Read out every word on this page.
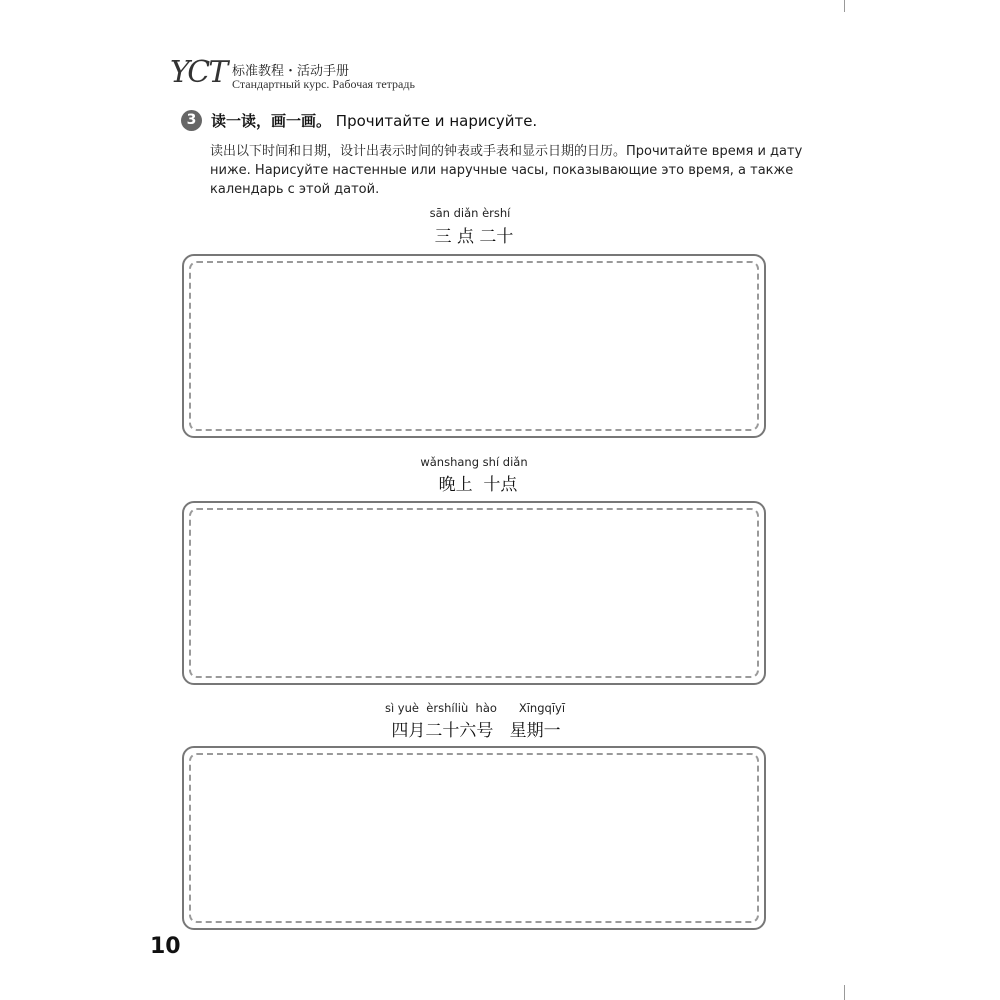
YCT 标准教程・活动手册
Стандартный курс. Рабочая тетрадь
3 读一读，画一画。 Прочитайте и нарисуйте.
读出以下时间和日期，设计出表示时间的钟表或手表和显示日期的日历。Прочитайте время и дату ниже. Нарисуйте настенные или наручные часы, показывающие это время, а также календарь с этой датой.
sān diǎn èrshí
三 点 二十
wǎnshang shí diǎn
晚上  十点
sì yuè  èrshíliù  hào      Xīngqīyī
四月二十六号   星期一
10
